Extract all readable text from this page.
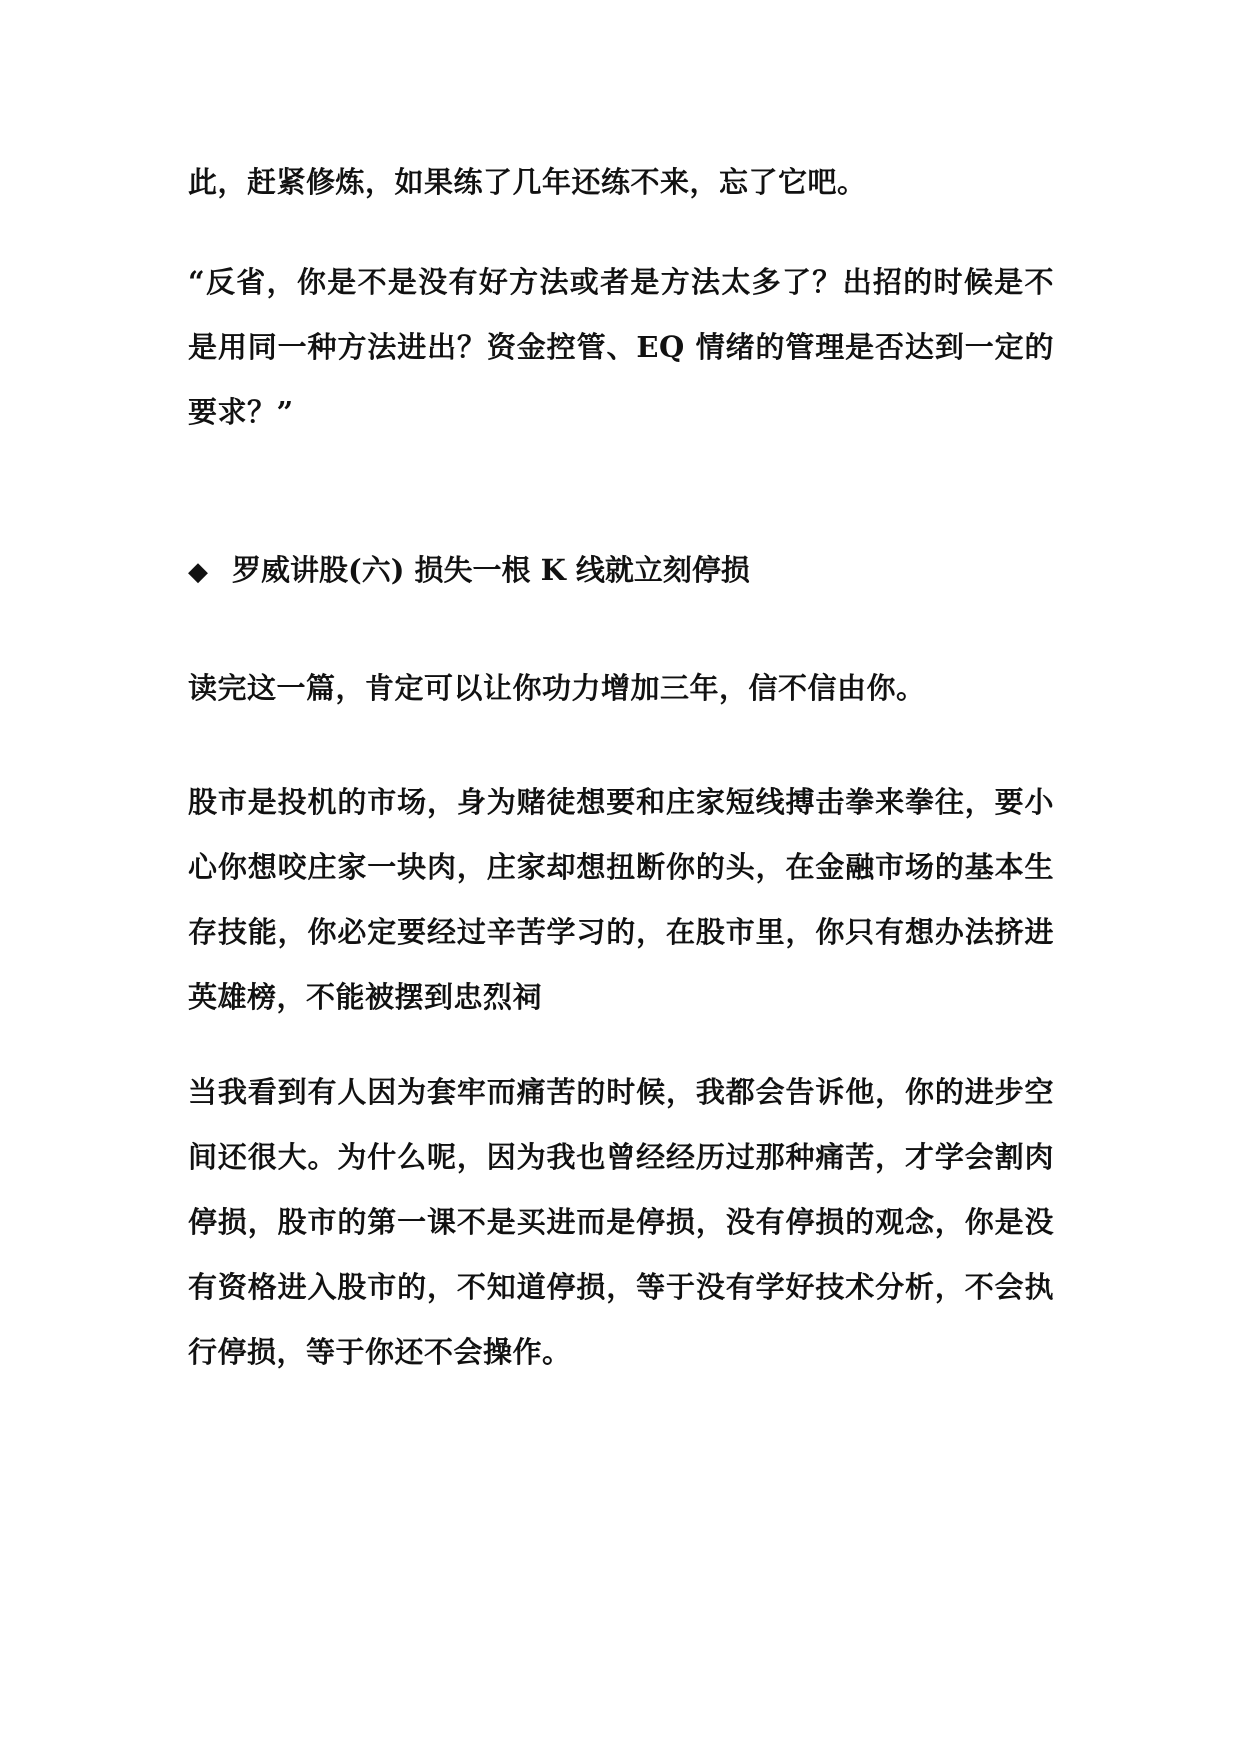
此，赶紧修炼，如果练了几年还练不来，忘了它吧。

“反省，你是不是没有好方法或者是方法太多了？出招的时候是不是用同一种方法进出？资金控管、EQ 情绪的管理是否达到一定的要求？”

◆ 罗威讲股(六) 损失一根 K 线就立刻停损

读完这一篇，肯定可以让你功力增加三年，信不信由你。

股市是投机的市场，身为赌徒想要和庄家短线搏击拳来拳往，要小心你想咬庄家一块肉，庄家却想扭断你的头，在金融市场的基本生存技能，你必定要经过辛苦学习的，在股市里，你只有想办法挤进英雄榜，不能被摆到忠烈祠

当我看到有人因为套牢而痛苦的时候，我都会告诉他，你的进步空间还很大。为什么呢，因为我也曾经经历过那种痛苦，才学会割肉停损，股市的第一课不是买进而是停损，没有停损的观念，你是没有资格进入股市的，不知道停损，等于没有学好技术分析，不会执行停损，等于你还不会操作。
